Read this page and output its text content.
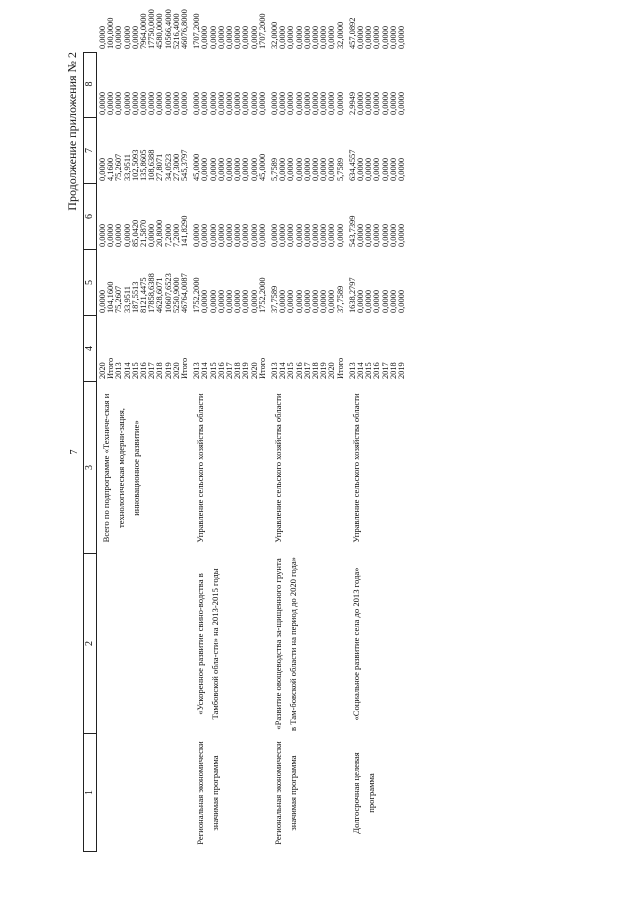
7
Продолжение приложения № 2
1
2
3
4
5
6
7
8
Всего по подпрограмме «Техниче-ская и технологическая модерни-зация, инновационное развитие»
2020
0,0000
0,0000
0,0000
0,0000
0,0000
Итого
104,1600
0,0000
4,1600
0,0000
100,0000
2013
75,2607
0,0000
75,2607
0,0000
0,0000
2014
33,9511
0,0000
33,9511
0,0000
0,0000
2015
187,5513
85,0420
102,5093
0,0000
0,0000
2016
8121,4475
21,5870
135,8605
0,0000
7964,0000
2017
17858,6388
0,0000
108,6388
0,0000
17750,0000
2018
4628,6071
20,8000
27,8071
0,0000
4580,0000
2019
10607,6523
7,2000
34,0523
0,0000
10566,4000
2020
5250,9000
7,2000
27,3000
0,0000
5216,4000
Итого
46764,0087
141,8290
545,3797
0,0000
46076,8000
Региональная экономически значимая программа
«Ускоренное развитие свино-водства в Тамбовской обла-сти» на 2013-2015 годы
Управление сельского хозяйства области
2013
1752,2000
0,0000
45,0000
0,0000
1707,2000
2014
0,0000
0,0000
0,0000
0,0000
0,0000
2015
0,0000
0,0000
0,0000
0,0000
0,0000
2016
0,0000
0,0000
0,0000
0,0000
0,0000
2017
0,0000
0,0000
0,0000
0,0000
0,0000
2018
0,0000
0,0000
0,0000
0,0000
0,0000
2019
0,0000
0,0000
0,0000
0,0000
0,0000
2020
0,0000
0,0000
0,0000
0,0000
0,0000
Итого
1752,2000
0,0000
45,0000
0,0000
1707,2000
Региональная экономически значимая программа
«Развитие овощеводства за-щищенного грунта в Там-бовской области на период до 2020 года»
Управление сельского хозяйства области
2013
37,7589
0,0000
5,7589
0,0000
32,0000
2014
0,0000
0,0000
0,0000
0,0000
0,0000
2015
0,0000
0,0000
0,0000
0,0000
0,0000
2016
0,0000
0,0000
0,0000
0,0000
0,0000
2017
0,0000
0,0000
0,0000
0,0000
0,0000
2018
0,0000
0,0000
0,0000
0,0000
0,0000
2019
0,0000
0,0000
0,0000
0,0000
0,0000
2020
0,0000
0,0000
0,0000
0,0000
0,0000
Итого
37,7589
0,0000
5,7589
0,0000
32,0000
Долгосрочная целевая программа
«Социальное развитие села до 2013 года»
Управление сельского хозяйства области
2013
1638,2797
543,7399
634,4557
2,9949
457,0892
2014
0,0000
0,0000
0,0000
0,0000
0,0000
2015
0,0000
0,0000
0,0000
0,0000
0,0000
2016
0,0000
0,0000
0,0000
0,0000
0,0000
2017
0,0000
0,0000
0,0000
0,0000
0,0000
2018
0,0000
0,0000
0,0000
0,0000
0,0000
2019
0,0000
0,0000
0,0000
0,0000
0,0000
